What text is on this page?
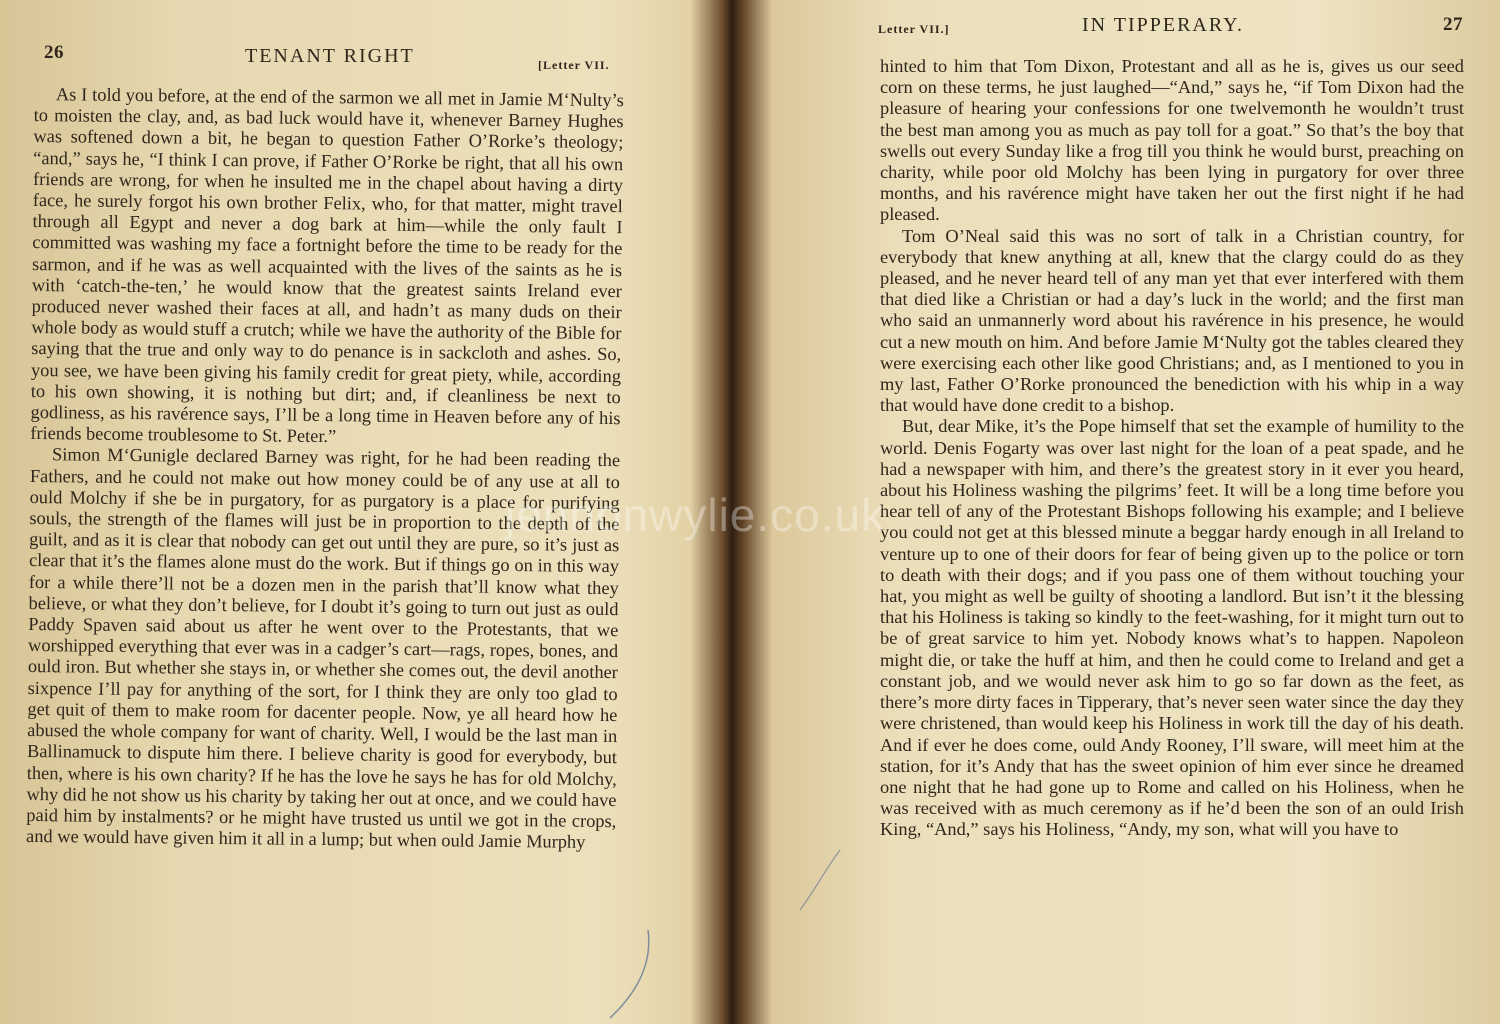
26	TENANT RIGHT	[Letter VII.

As I told you before, at the end of the sarmon we all met in Jamie M‘Nulty’s to moisten the clay, and, as bad luck would have it, whenever Barney Hughes was softened down a bit, he began to question Father O’Rorke’s theology; “and,” says he, “I think I can prove, if Father O’Rorke be right, that all his own friends are wrong, for when he insulted me in the chapel about having a dirty face, he surely forgot his own brother Felix, who, for that matter, might travel through all Egypt and never a dog bark at him—while the only fault I committed was washing my face a fortnight before the time to be ready for the sarmon, and if he was as well acquainted with the lives of the saints as he is with ‘catch-the-ten,’ he would know that the greatest saints Ireland ever produced never washed their faces at all, and hadn’t as many duds on their whole body as would stuff a crutch; while we have the authority of the Bible for saying that the true and only way to do penance is in sackcloth and ashes. So, you see, we have been giving his family credit for great piety, while, according to his own showing, it is nothing but dirt; and, if cleanliness be next to godliness, as his ravérence says, I’ll be a long time in Heaven before any of his friends become troublesome to St. Peter.”

Simon M‘Gunigle declared Barney was right, for he had been reading the Fathers, and he could not make out how money could be of any use at all to ould Molchy if she be in purgatory, for as purgatory is a place for purifying souls, the strength of the flames will just be in proportion to the depth of the guilt, and as it is clear that nobody can get out until they are pure, so it’s just as clear that it’s the flames alone must do the work. But if things go on in this way for a while there’ll not be a dozen men in the parish that’ll know what they believe, or what they don’t believe, for I doubt it’s going to turn out just as ould Paddy Spaven said about us after he went over to the Protestants, that we worshipped everything that ever was in a cadger’s cart—rags, ropes, bones, and ould iron. But whether she stays in, or whether she comes out, the devil another sixpence I’ll pay for anything of the sort, for I think they are only too glad to get quit of them to make room for dacenter people. Now, ye all heard how he abused the whole company for want of charity. Well, I would be the last man in Ballinamuck to dispute him there. I believe charity is good for everybody, but then, where is his own charity? If he has the love he says he has for old Molchy, why did he not show us his charity by taking her out at once, and we could have paid him by instalments? or he might have trusted us until we got in the crops, and we would have given him it all in a lump; but when ould Jamie Murphy

Letter VII.]	IN TIPPERARY.	27

hinted to him that Tom Dixon, Protestant and all as he is, gives us our seed corn on these terms, he just laughed—“And,” says he, “if Tom Dixon had the pleasure of hearing your confessions for one twelvemonth he wouldn’t trust the best man among you as much as pay toll for a goat.” So that’s the boy that swells out every Sunday like a frog till you think he would burst, preaching on charity, while poor old Molchy has been lying in purgatory for over three months, and his ravérence might have taken her out the first night if he had pleased.

Tom O’Neal said this was no sort of talk in a Christian country, for everybody that knew anything at all, knew that the clargy could do as they pleased, and he never heard tell of any man yet that ever interfered with them that died like a Christian or had a day’s luck in the world; and the first man who said an unmannerly word about his ravérence in his presence, he would cut a new mouth on him. And before Jamie M‘Nulty got the tables cleared they were exercising each other like good Christians; and, as I mentioned to you in my last, Father O’Rorke pronounced the benediction with his whip in a way that would have done credit to a bishop.

But, dear Mike, it’s the Pope himself that set the example of humility to the world. Denis Fogarty was over last night for the loan of a peat spade, and he had a newspaper with him, and there’s the greatest story in it ever you heard, about his Holiness washing the pilgrims’ feet. It will be a long time before you hear tell of any of the Protestant Bishops following his example; and I believe you could not get at this blessed minute a beggar hardy enough in all Ireland to venture up to one of their doors for fear of being given up to the police or torn to death with their dogs; and if you pass one of them without touching your hat, you might as well be guilty of shooting a landlord. But isn’t it the blessing that his Holiness is taking so kindly to the feet-washing, for it might turn out to be of great sarvice to him yet. Nobody knows what’s to happen. Napoleon might die, or take the huff at him, and then he could come to Ireland and get a constant job, and we would never ask him to go so far down as the feet, as there’s more dirty faces in Tipperary, that’s never seen water since the day they were christened, than would keep his Holiness in work till the day of his death. And if ever he does come, ould Andy Rooney, I’ll sware, will meet him at the station, for it’s Andy that has the sweet opinion of him ever since he dreamed one night that he had gone up to Rome and called on his Holiness, when he was received with as much ceremony as if he’d been the son of an ould Irish King, “And,” says his Holiness, “Andy, my son, what will you have to

jennonwylie.co.uk
